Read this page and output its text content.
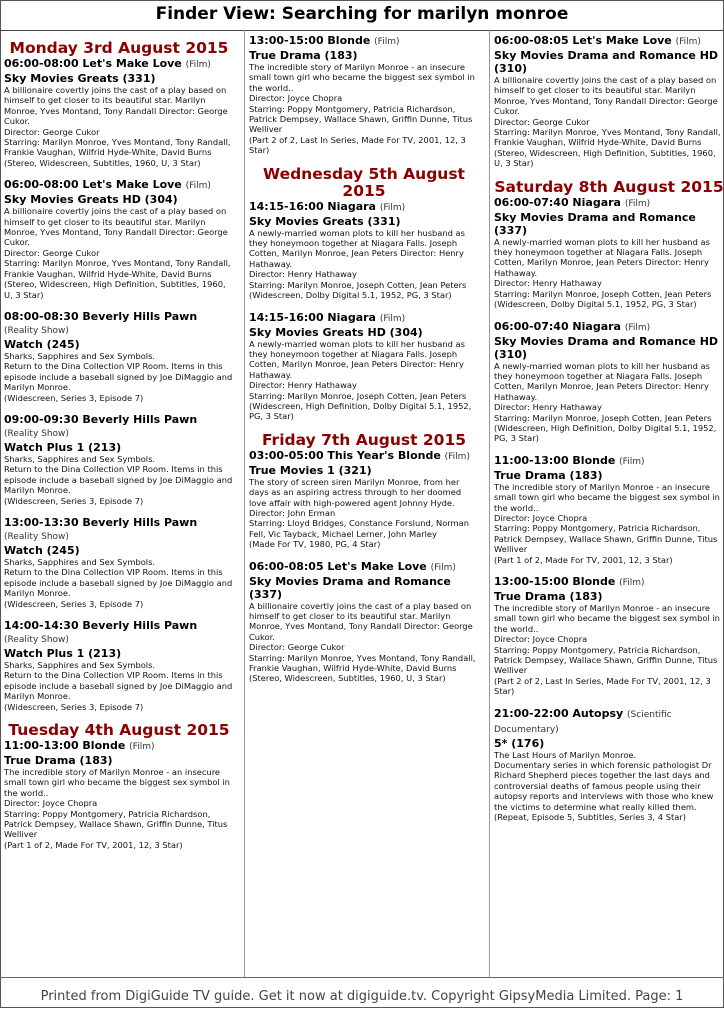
Finder View: Searching for marilyn monroe
Monday 3rd August 2015
06:00-08:00 Let's Make Love (Film)
Sky Movies Greats (331)
A billionaire covertly joins the cast of a play based on himself to get closer to its beautiful star. Marilyn Monroe, Yves Montand, Tony Randall Director: George Cukor.
Director: George Cukor
Starring: Marilyn Monroe, Yves Montand, Tony Randall, Frankie Vaughan, Wilfrid Hyde-White, David Burns
(Stereo, Widescreen, Subtitles, 1960, U, 3 Star)
06:00-08:00 Let's Make Love (Film)
Sky Movies Greats HD (304)
A billionaire covertly joins the cast of a play based on himself to get closer to its beautiful star. Marilyn Monroe, Yves Montand, Tony Randall Director: George Cukor.
Director: George Cukor
Starring: Marilyn Monroe, Yves Montand, Tony Randall, Frankie Vaughan, Wilfrid Hyde-White, David Burns
(Stereo, Widescreen, High Definition, Subtitles, 1960, U, 3 Star)
08:00-08:30 Beverly Hills Pawn (Reality Show)
Watch (245)
Sharks, Sapphires and Sex Symbols.
Return to the Dina Collection VIP Room. Items in this episode include a baseball signed by Joe DiMaggio and Marilyn Monroe.
(Widescreen, Series 3, Episode 7)
09:00-09:30 Beverly Hills Pawn (Reality Show)
Watch Plus 1 (213)
Sharks, Sapphires and Sex Symbols.
Return to the Dina Collection VIP Room. Items in this episode include a baseball signed by Joe DiMaggio and Marilyn Monroe.
(Widescreen, Series 3, Episode 7)
13:00-13:30 Beverly Hills Pawn (Reality Show)
Watch (245)
Sharks, Sapphires and Sex Symbols.
Return to the Dina Collection VIP Room. Items in this episode include a baseball signed by Joe DiMaggio and Marilyn Monroe.
(Widescreen, Series 3, Episode 7)
14:00-14:30 Beverly Hills Pawn (Reality Show)
Watch Plus 1 (213)
Sharks, Sapphires and Sex Symbols.
Return to the Dina Collection VIP Room. Items in this episode include a baseball signed by Joe DiMaggio and Marilyn Monroe.
(Widescreen, Series 3, Episode 7)
Tuesday 4th August 2015
11:00-13:00 Blonde (Film)
True Drama (183)
The incredible story of Marilyn Monroe - an insecure small town girl who became the biggest sex symbol in the world..
Director: Joyce Chopra
Starring: Poppy Montgomery, Patricia Richardson, Patrick Dempsey, Wallace Shawn, Griffin Dunne, Titus Welliver
(Part 1 of 2, Made For TV, 2001, 12, 3 Star)
13:00-15:00 Blonde (Film)
True Drama (183)
The incredible story of Marilyn Monroe - an insecure small town girl who became the biggest sex symbol in the world..
Director: Joyce Chopra
Starring: Poppy Montgomery, Patricia Richardson, Patrick Dempsey, Wallace Shawn, Griffin Dunne, Titus Welliver
(Part 2 of 2, Last In Series, Made For TV, 2001, 12, 3 Star)
Wednesday 5th August 2015
14:15-16:00 Niagara (Film)
Sky Movies Greats (331)
A newly-married woman plots to kill her husband as they honeymoon together at Niagara Falls. Joseph Cotten, Marilyn Monroe, Jean Peters Director: Henry Hathaway.
Director: Henry Hathaway
Starring: Marilyn Monroe, Joseph Cotten, Jean Peters
(Widescreen, Dolby Digital 5.1, 1952, PG, 3 Star)
14:15-16:00 Niagara (Film)
Sky Movies Greats HD (304)
A newly-married woman plots to kill her husband as they honeymoon together at Niagara Falls. Joseph Cotten, Marilyn Monroe, Jean Peters Director: Henry Hathaway.
Director: Henry Hathaway
Starring: Marilyn Monroe, Joseph Cotten, Jean Peters
(Widescreen, High Definition, Dolby Digital 5.1, 1952, PG, 3 Star)
Friday 7th August 2015
03:00-05:00 This Year's Blonde (Film)
True Movies 1 (321)
The story of screen siren Marilyn Monroe, from her days as an aspiring actress through to her doomed love affair with high-powered agent Johnny Hyde.
Director: John Erman
Starring: Lloyd Bridges, Constance Forslund, Norman Fell, Vic Tayback, Michael Lerner, John Marley
(Made For TV, 1980, PG, 4 Star)
06:00-08:05 Let's Make Love (Film)
Sky Movies Drama and Romance (337)
A billionaire covertly joins the cast of a play based on himself to get closer to its beautiful star. Marilyn Monroe, Yves Montand, Tony Randall Director: George Cukor.
Director: George Cukor
Starring: Marilyn Monroe, Yves Montand, Tony Randall, Frankie Vaughan, Wilfrid Hyde-White, David Burns
(Stereo, Widescreen, Subtitles, 1960, U, 3 Star)
06:00-08:05 Let's Make Love (Film)
Sky Movies Drama and Romance HD (310)
A billionaire covertly joins the cast of a play based on himself to get closer to its beautiful star. Marilyn Monroe, Yves Montand, Tony Randall Director: George Cukor.
Director: George Cukor
Starring: Marilyn Monroe, Yves Montand, Tony Randall, Frankie Vaughan, Wilfrid Hyde-White, David Burns
(Stereo, Widescreen, High Definition, Subtitles, 1960, U, 3 Star)
Saturday 8th August 2015
06:00-07:40 Niagara (Film)
Sky Movies Drama and Romance (337)
A newly-married woman plots to kill her husband as they honeymoon together at Niagara Falls. Joseph Cotten, Marilyn Monroe, Jean Peters Director: Henry Hathaway.
Director: Henry Hathaway
Starring: Marilyn Monroe, Joseph Cotten, Jean Peters
(Widescreen, Dolby Digital 5.1, 1952, PG, 3 Star)
06:00-07:40 Niagara (Film)
Sky Movies Drama and Romance HD (310)
A newly-married woman plots to kill her husband as they honeymoon together at Niagara Falls. Joseph Cotten, Marilyn Monroe, Jean Peters Director: Henry Hathaway.
Director: Henry Hathaway
Starring: Marilyn Monroe, Joseph Cotten, Jean Peters
(Widescreen, High Definition, Dolby Digital 5.1, 1952, PG, 3 Star)
11:00-13:00 Blonde (Film)
True Drama (183)
The incredible story of Marilyn Monroe - an insecure small town girl who became the biggest sex symbol in the world..
Director: Joyce Chopra
Starring: Poppy Montgomery, Patricia Richardson, Patrick Dempsey, Wallace Shawn, Griffin Dunne, Titus Welliver
(Part 1 of 2, Made For TV, 2001, 12, 3 Star)
13:00-15:00 Blonde (Film)
True Drama (183)
The incredible story of Marilyn Monroe - an insecure small town girl who became the biggest sex symbol in the world..
Director: Joyce Chopra
Starring: Poppy Montgomery, Patricia Richardson, Patrick Dempsey, Wallace Shawn, Griffin Dunne, Titus Welliver
(Part 2 of 2, Last In Series, Made For TV, 2001, 12, 3 Star)
21:00-22:00 Autopsy (Scientific Documentary)
5* (176)
The Last Hours of Marilyn Monroe.
Documentary series in which forensic pathologist Dr Richard Shepherd pieces together the last days and controversial deaths of famous people using their autopsy reports and interviews with those who knew the victims to determine what really killed them.
(Repeat, Episode 5, Subtitles, Series 3, 4 Star)
Printed from DigiGuide TV guide. Get it now at digiguide.tv. Copyright GipsyMedia Limited. Page: 1
